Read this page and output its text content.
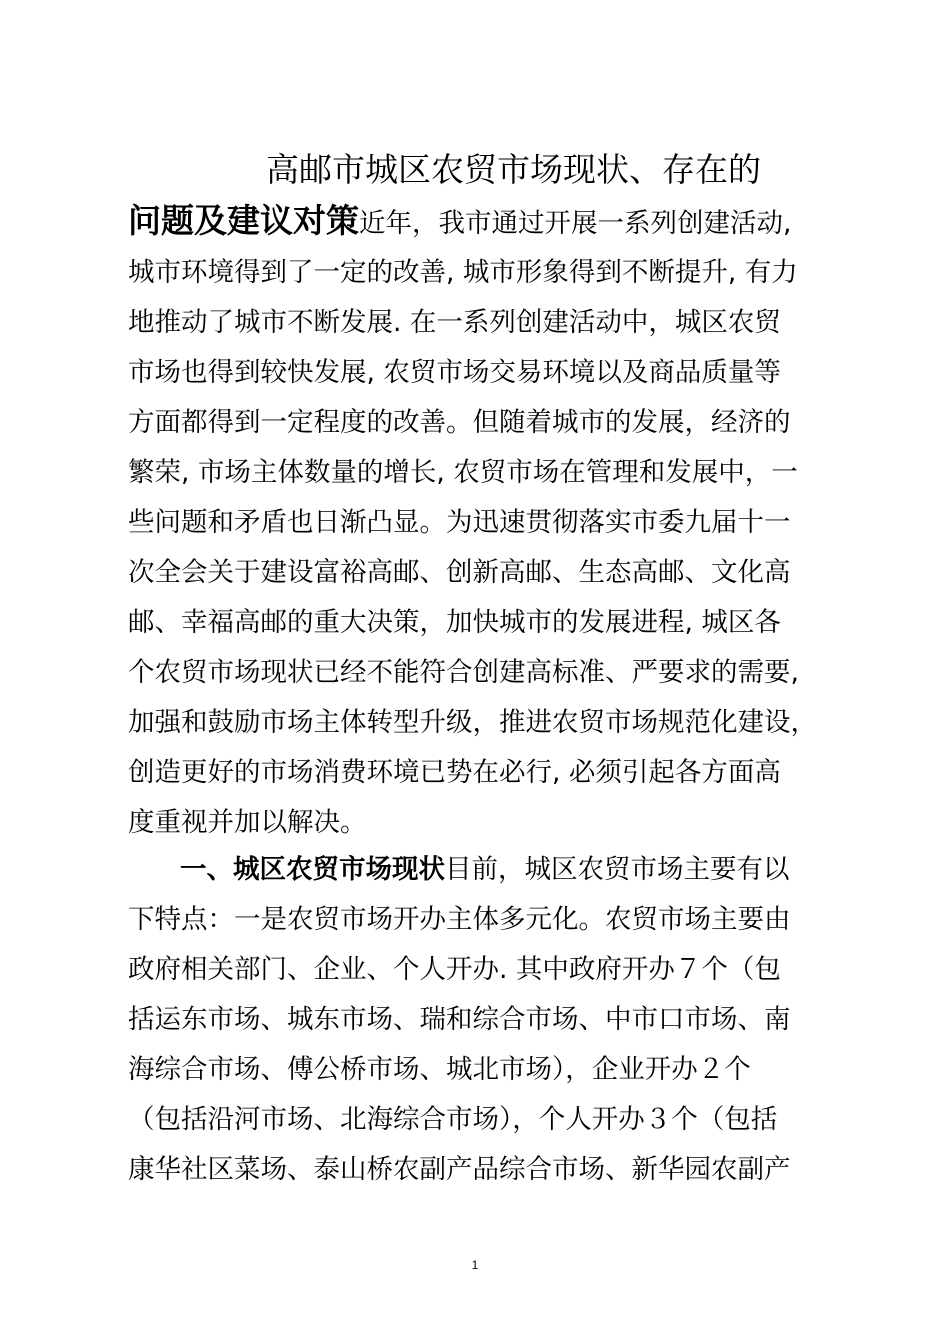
高邮市城区农贸市场现状、存在的
问题及建议对策近年，我市通过开展一系列创建活动,
城市环境得到了一定的改善, 城市形象得到不断提升, 有力
地推动了城市不断发展. 在一系列创建活动中，城区农贸
市场也得到较快发展, 农贸市场交易环境以及商品质量等
方面都得到一定程度的改善。但随着城市的发展，经济的
繁荣, 市场主体数量的增长, 农贸市场在管理和发展中，一
些问题和矛盾也日渐凸显。为迅速贯彻落实市委九届十一
次全会关于建设富裕高邮、创新高邮、生态高邮、文化高
邮、幸福高邮的重大决策，加快城市的发展进程, 城区各
个农贸市场现状已经不能符合创建高标准、严要求的需要,
加强和鼓励市场主体转型升级，推进农贸市场规范化建设，
创造更好的市场消费环境已势在必行, 必须引起各方面高
度重视并加以解决。
一、城区农贸市场现状目前，城区农贸市场主要有以
下特点：一是农贸市场开办主体多元化。农贸市场主要由
政府相关部门、企业、个人开办. 其中政府开办７个（包
括运东市场、城东市场、瑞和综合市场、中市口市场、南
海综合市场、傅公桥市场、城北市场），企业开办２个
（包括沿河市场、北海综合市场），个人开办３个（包括
康华社区菜场、泰山桥农副产品综合市场、新华园农副产
1
